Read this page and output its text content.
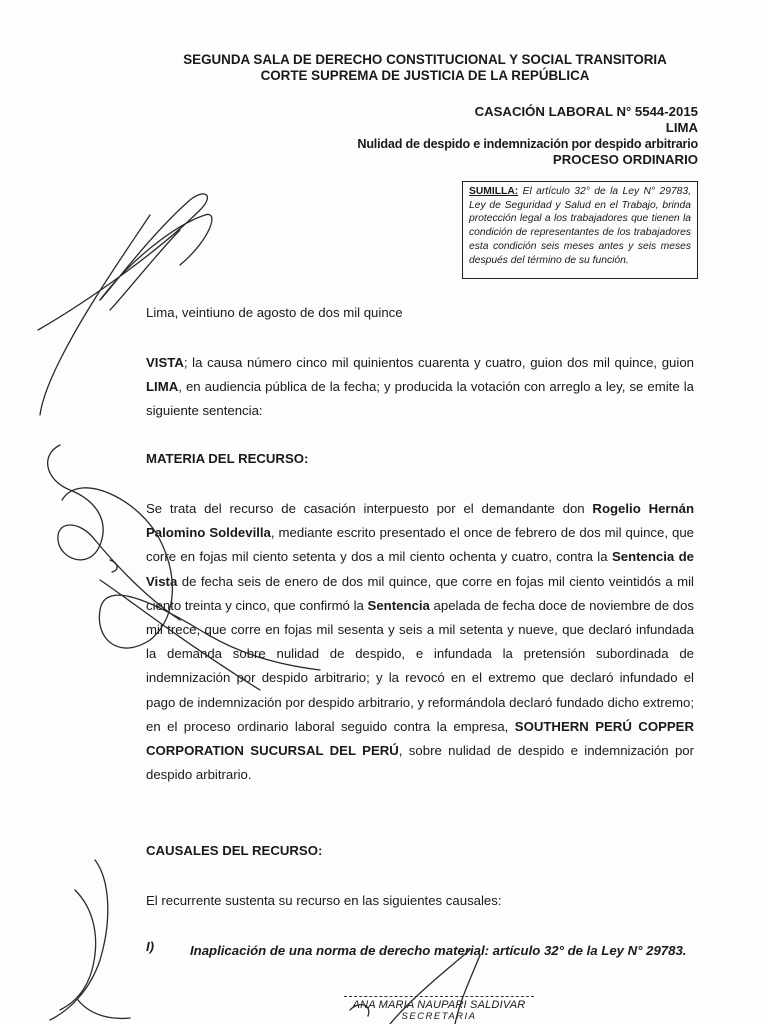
SEGUNDA SALA DE DERECHO CONSTITUCIONAL Y SOCIAL TRANSITORIA
CORTE SUPREMA DE JUSTICIA DE LA REPÚBLICA
CASACIÓN LABORAL N° 5544-2015
LIMA
Nulidad de despido e indemnización por despido arbitrario
PROCESO ORDINARIO
SUMILLA: El artículo 32° de la Ley N° 29783, Ley de Seguridad y Salud en el Trabajo, brinda protección legal a los trabajadores que tienen la condición de representantes de los trabajadores esta condición seis meses antes y seis meses después del término de su función.
Lima, veintiuno de agosto de dos mil quince
VISTA; la causa número cinco mil quinientos cuarenta y cuatro, guion dos mil quince, guion LIMA, en audiencia pública de la fecha; y producida la votación con arreglo a ley, se emite la siguiente sentencia:
MATERIA DEL RECURSO:
Se trata del recurso de casación interpuesto por el demandante don Rogelio Hernán Palomino Soldevilla, mediante escrito presentado el once de febrero de dos mil quince, que corre en fojas mil ciento setenta y dos a mil ciento ochenta y cuatro, contra la Sentencia de Vista de fecha seis de enero de dos mil quince, que corre en fojas mil ciento veintidós a mil ciento treinta y cinco, que confirmó la Sentencia apelada de fecha doce de noviembre de dos mil trece, que corre en fojas mil sesenta y seis a mil setenta y nueve, que declaró infundada la demanda sobre nulidad de despido, e infundada la pretensión subordinada de indemnización por despido arbitrario; y la revocó en el extremo que declaró infundado el pago de indemnización por despido arbitrario, y reformándola declaró fundado dicho extremo; en el proceso ordinario laboral seguido contra la empresa, SOUTHERN PERÚ COPPER CORPORATION SUCURSAL DEL PERÚ, sobre nulidad de despido e indemnización por despido arbitrario.
CAUSALES DEL RECURSO:
El recurrente sustenta su recurso en las siguientes causales:
I)	Inaplicación de una norma de derecho material: artículo 32° de la Ley N° 29783.
ANA MARIA NAUPARI SALDIVAR
SECRETARIA
